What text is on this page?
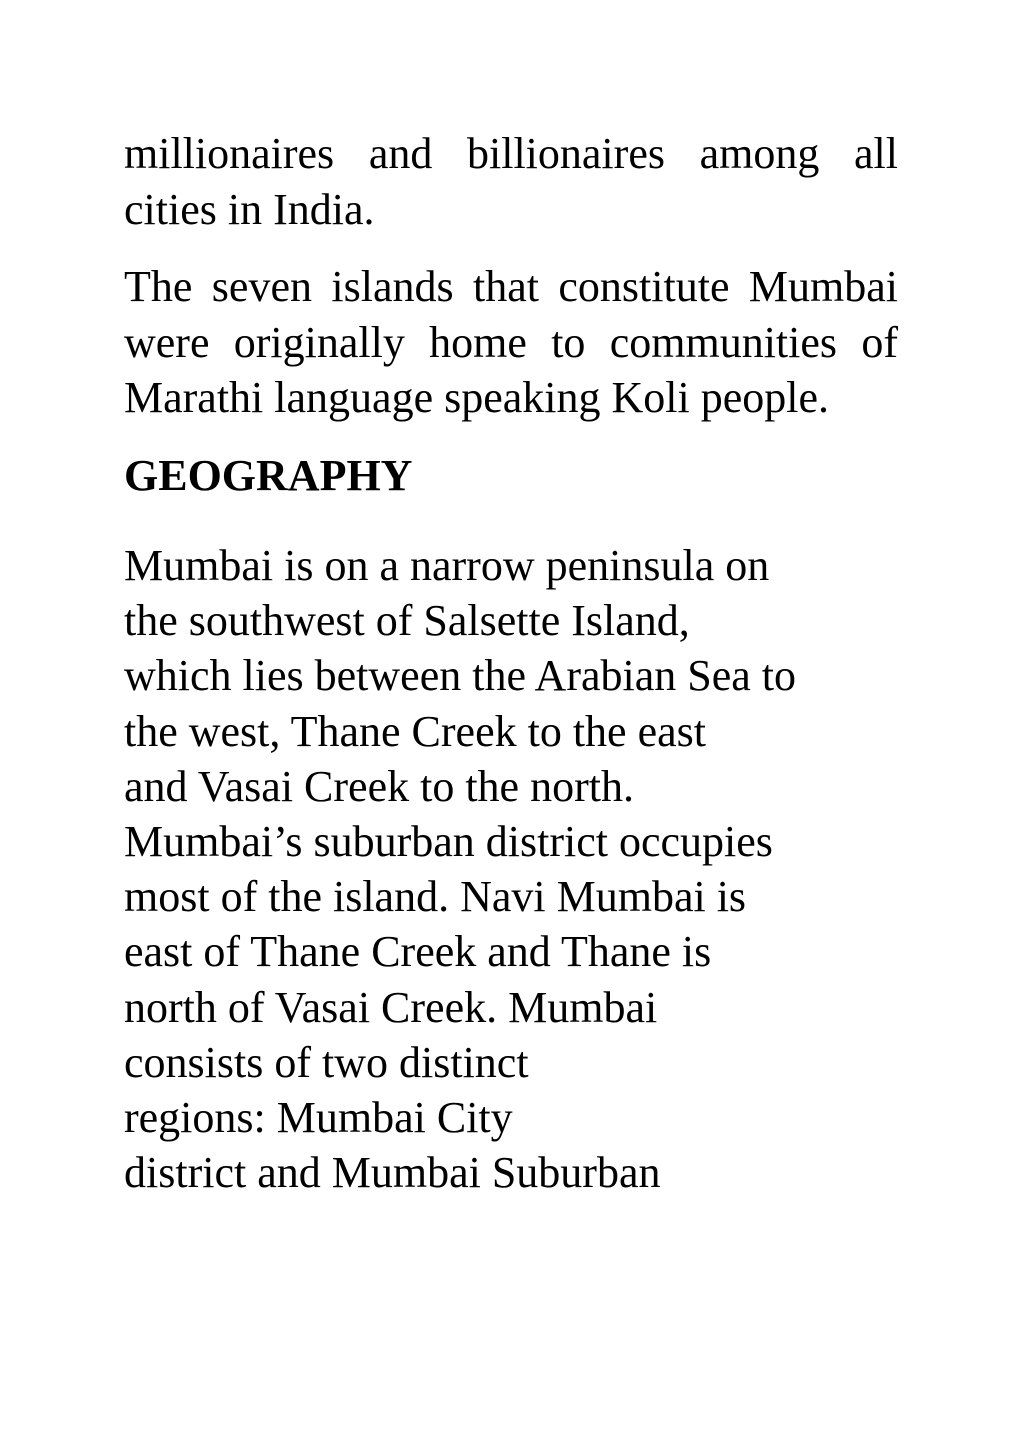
millionaires and billionaires among all cities in India.

The seven islands that constitute Mumbai were originally home to communities of Marathi language speaking Koli people.

GEOGRAPHY
Mumbai is on a narrow peninsula on
the southwest of Salsette Island,
which lies between the Arabian Sea to
the west, Thane Creek to the east
and Vasai Creek to the north.
Mumbai’s suburban district occupies
most of the island. Navi Mumbai is
east of Thane Creek and Thane is
north of Vasai Creek. Mumbai
consists of two distinct
regions: Mumbai City
district and Mumbai Suburban
